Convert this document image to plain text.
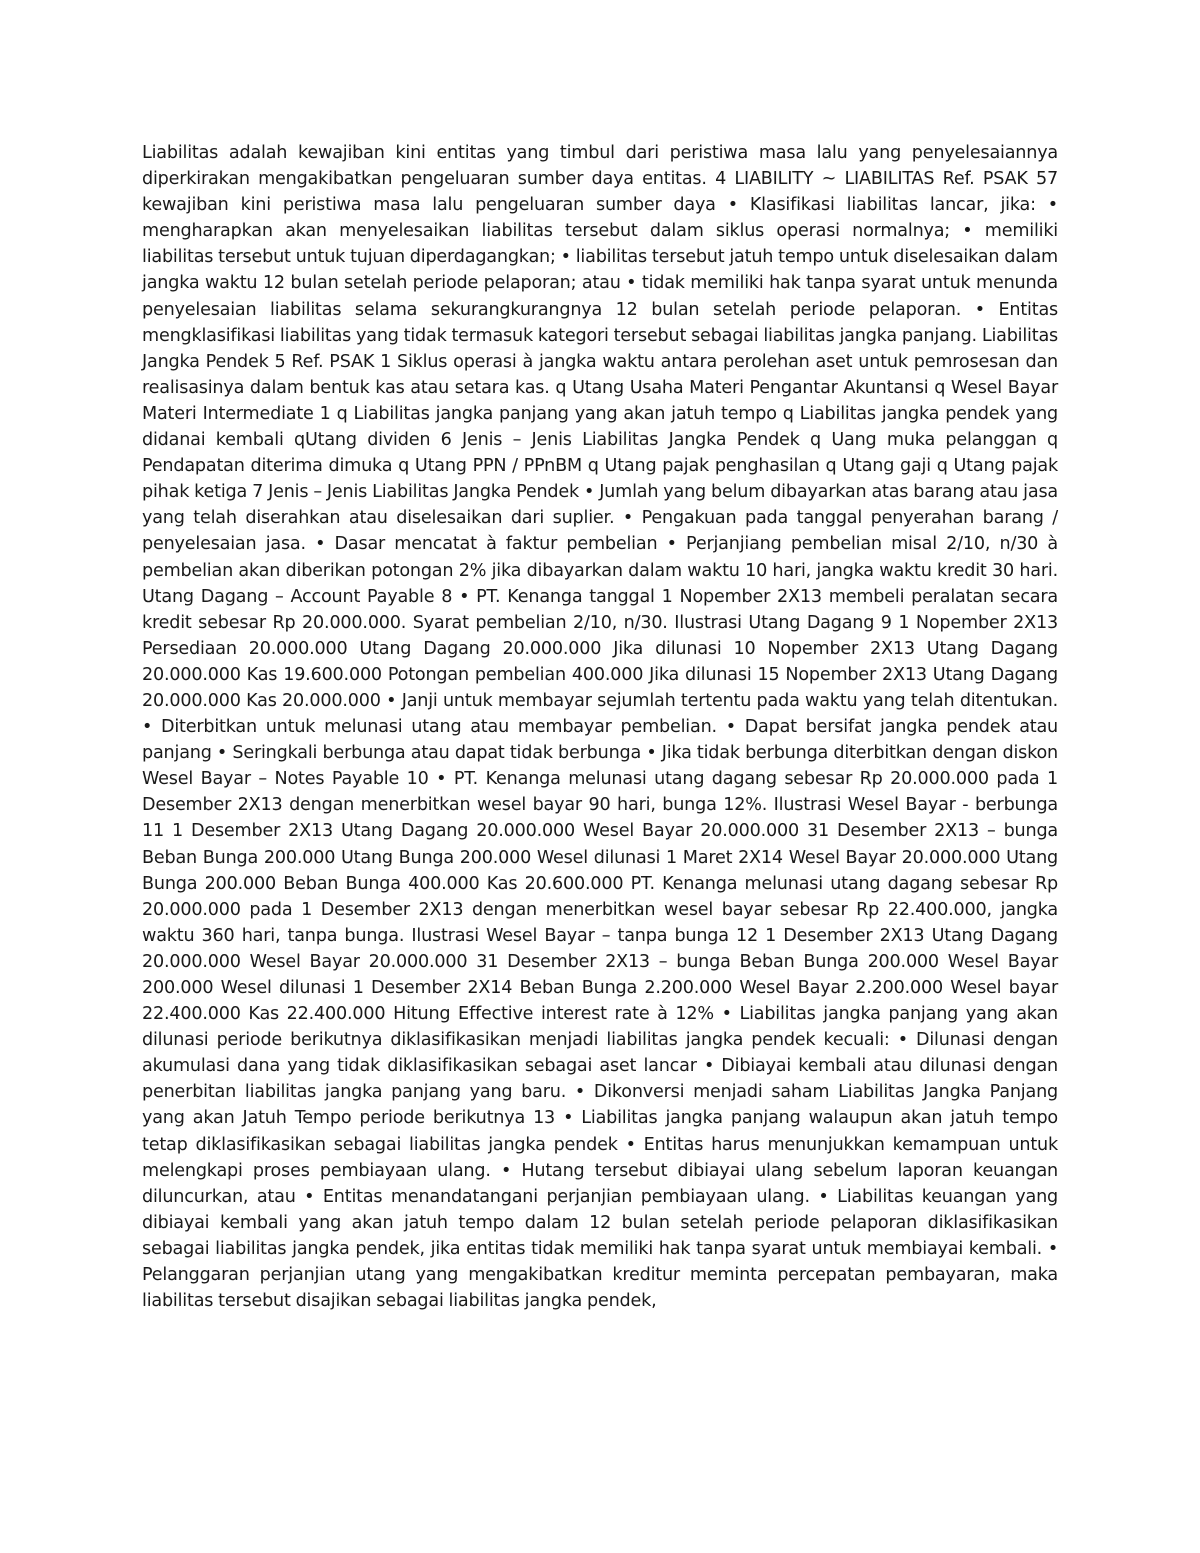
Liabilitas adalah kewajiban kini entitas yang timbul dari peristiwa masa lalu yang penyelesaiannya diperkirakan mengakibatkan pengeluaran sumber daya entitas. 4 LIABILITY ~ LIABILITAS Ref. PSAK 57 kewajiban kini peristiwa masa lalu pengeluaran sumber daya • Klasifikasi liabilitas lancar, jika: • mengharapkan akan menyelesaikan liabilitas tersebut dalam siklus operasi normalnya; • memiliki liabilitas tersebut untuk tujuan diperdagangkan; • liabilitas tersebut jatuh tempo untuk diselesaikan dalam jangka waktu 12 bulan setelah periode pelaporan; atau • tidak memiliki hak tanpa syarat untuk menunda penyelesaian liabilitas selama sekurangkurangnya 12 bulan setelah periode pelaporan. • Entitas mengklasifikasi liabilitas yang tidak termasuk kategori tersebut sebagai liabilitas jangka panjang. Liabilitas Jangka Pendek 5 Ref. PSAK 1 Siklus operasi à jangka waktu antara perolehan aset untuk pemrosesan dan realisasinya dalam bentuk kas atau setara kas. q Utang Usaha Materi Pengantar Akuntansi q Wesel Bayar Materi Intermediate 1 q Liabilitas jangka panjang yang akan jatuh tempo q Liabilitas jangka pendek yang didanai kembali qUtang dividen 6 Jenis – Jenis Liabilitas Jangka Pendek q Uang muka pelanggan q Pendapatan diterima dimuka q Utang PPN / PPnBM q Utang pajak penghasilan q Utang gaji q Utang pajak pihak ketiga 7 Jenis – Jenis Liabilitas Jangka Pendek • Jumlah yang belum dibayarkan atas barang atau jasa yang telah diserahkan atau diselesaikan dari suplier. • Pengakuan pada tanggal penyerahan barang / penyelesaian jasa. • Dasar mencatat à faktur pembelian • Perjanjiang pembelian misal 2/10, n/30 à pembelian akan diberikan potongan 2% jika dibayarkan dalam waktu 10 hari, jangka waktu kredit 30 hari. Utang Dagang – Account Payable 8 • PT. Kenanga tanggal 1 Nopember 2X13 membeli peralatan secara kredit sebesar Rp 20.000.000. Syarat pembelian 2/10, n/30. Ilustrasi Utang Dagang 9 1 Nopember 2X13 Persediaan 20.000.000 Utang Dagang 20.000.000 Jika dilunasi 10 Nopember 2X13 Utang Dagang 20.000.000 Kas 19.600.000 Potongan pembelian 400.000 Jika dilunasi 15 Nopember 2X13 Utang Dagang 20.000.000 Kas 20.000.000 • Janji untuk membayar sejumlah tertentu pada waktu yang telah ditentukan. • Diterbitkan untuk melunasi utang atau membayar pembelian. • Dapat bersifat jangka pendek atau panjang • Seringkali berbunga atau dapat tidak berbunga • Jika tidak berbunga diterbitkan dengan diskon Wesel Bayar – Notes Payable 10 • PT. Kenanga melunasi utang dagang sebesar Rp 20.000.000 pada 1 Desember 2X13 dengan menerbitkan wesel bayar 90 hari, bunga 12%. Ilustrasi Wesel Bayar - berbunga 11 1 Desember 2X13 Utang Dagang 20.000.000 Wesel Bayar 20.000.000 31 Desember 2X13 – bunga Beban Bunga 200.000 Utang Bunga 200.000 Wesel dilunasi 1 Maret 2X14 Wesel Bayar 20.000.000 Utang Bunga 200.000 Beban Bunga 400.000 Kas 20.600.000 PT. Kenanga melunasi utang dagang sebesar Rp 20.000.000 pada 1 Desember 2X13 dengan menerbitkan wesel bayar sebesar Rp 22.400.000, jangka waktu 360 hari, tanpa bunga. Ilustrasi Wesel Bayar – tanpa bunga 12 1 Desember 2X13 Utang Dagang 20.000.000 Wesel Bayar 20.000.000 31 Desember 2X13 – bunga Beban Bunga 200.000 Wesel Bayar 200.000 Wesel dilunasi 1 Desember 2X14 Beban Bunga 2.200.000 Wesel Bayar 2.200.000 Wesel bayar 22.400.000 Kas 22.400.000 Hitung Effective interest rate à 12% • Liabilitas jangka panjang yang akan dilunasi periode berikutnya diklasifikasikan menjadi liabilitas jangka pendek kecuali: • Dilunasi dengan akumulasi dana yang tidak diklasifikasikan sebagai aset lancar • Dibiayai kembali atau dilunasi dengan penerbitan liabilitas jangka panjang yang baru. • Dikonversi menjadi saham Liabilitas Jangka Panjang yang akan Jatuh Tempo periode berikutnya 13 • Liabilitas jangka panjang walaupun akan jatuh tempo tetap diklasifikasikan sebagai liabilitas jangka pendek • Entitas harus menunjukkan kemampuan untuk melengkapi proses pembiayaan ulang. • Hutang tersebut dibiayai ulang sebelum laporan keuangan diluncurkan, atau • Entitas menandatangani perjanjian pembiayaan ulang. • Liabilitas keuangan yang dibiayai kembali yang akan jatuh tempo dalam 12 bulan setelah periode pelaporan diklasifikasikan sebagai liabilitas jangka pendek, jika entitas tidak memiliki hak tanpa syarat untuk membiayai kembali. • Pelanggaran perjanjian utang yang mengakibatkan kreditur meminta percepatan pembayaran, maka liabilitas tersebut disajikan sebagai liabilitas jangka pendek,
